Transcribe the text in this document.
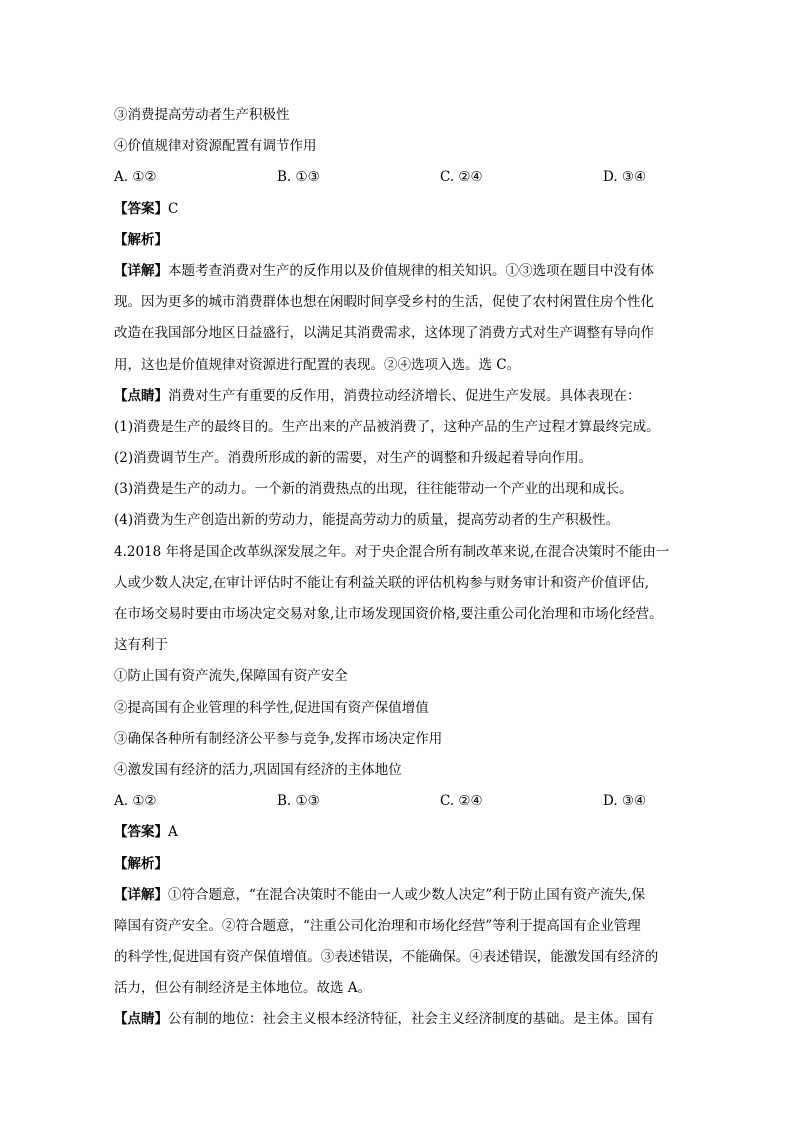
③消费提高劳动者生产积极性
④价值规律对资源配置有调节作用
A. ①②	B. ①③	C. ②④	D. ③④
【答案】C
【解析】
【详解】本题考查消费对生产的反作用以及价值规律的相关知识。①③选项在题目中没有体
现。因为更多的城市消费群体也想在闲暇时间享受乡村的生活，促使了农村闲置住房个性化
改造在我国部分地区日益盛行，以满足其消费需求，这体现了消费方式对生产调整有导向作
用，这也是价值规律对资源进行配置的表现。②④选项入选。选 C。
【点睛】消费对生产有重要的反作用，消费拉动经济增长、促进生产发展。具体表现在：
(1)消费是生产的最终目的。生产出来的产品被消费了，这种产品的生产过程才算最终完成。
(2)消费调节生产。消费所形成的新的需要，对生产的调整和升级起着导向作用。
(3)消费是生产的动力。一个新的消费热点的出现，往往能带动一个产业的出现和成长。
(4)消费为生产创造出新的劳动力，能提高劳动力的质量，提高劳动者的生产积极性。
4.2018 年将是国企改革纵深发展之年。对于央企混合所有制改革来说,在混合决策时不能由一
人或少数人决定,在审计评估时不能让有利益关联的评估机构参与财务审计和资产价值评估,
在市场交易时要由市场决定交易对象,让市场发现国资价格,要注重公司化治理和市场化经营。
这有利于
①防止国有资产流失,保障国有资产安全
②提高国有企业管理的科学性,促进国有资产保值增值
③确保各种所有制经济公平参与竞争,发挥市场决定作用
④激发国有经济的活力,巩固国有经济的主体地位
A. ①②	B. ①③	C. ②④	D. ③④
【答案】A
【解析】
【详解】①符合题意，“在混合决策时不能由一人或少数人决定”利于防止国有资产流失,保
障国有资产安全。②符合题意，“注重公司化治理和市场化经营”等利于提高国有企业管理
的科学性,促进国有资产保值增值。③表述错误，不能确保。④表述错误，能激发国有经济的
活力，但公有制经济是主体地位。故选 A。
【点睛】公有制的地位：社会主义根本经济特征，社会主义经济制度的基础。是主体。国有
